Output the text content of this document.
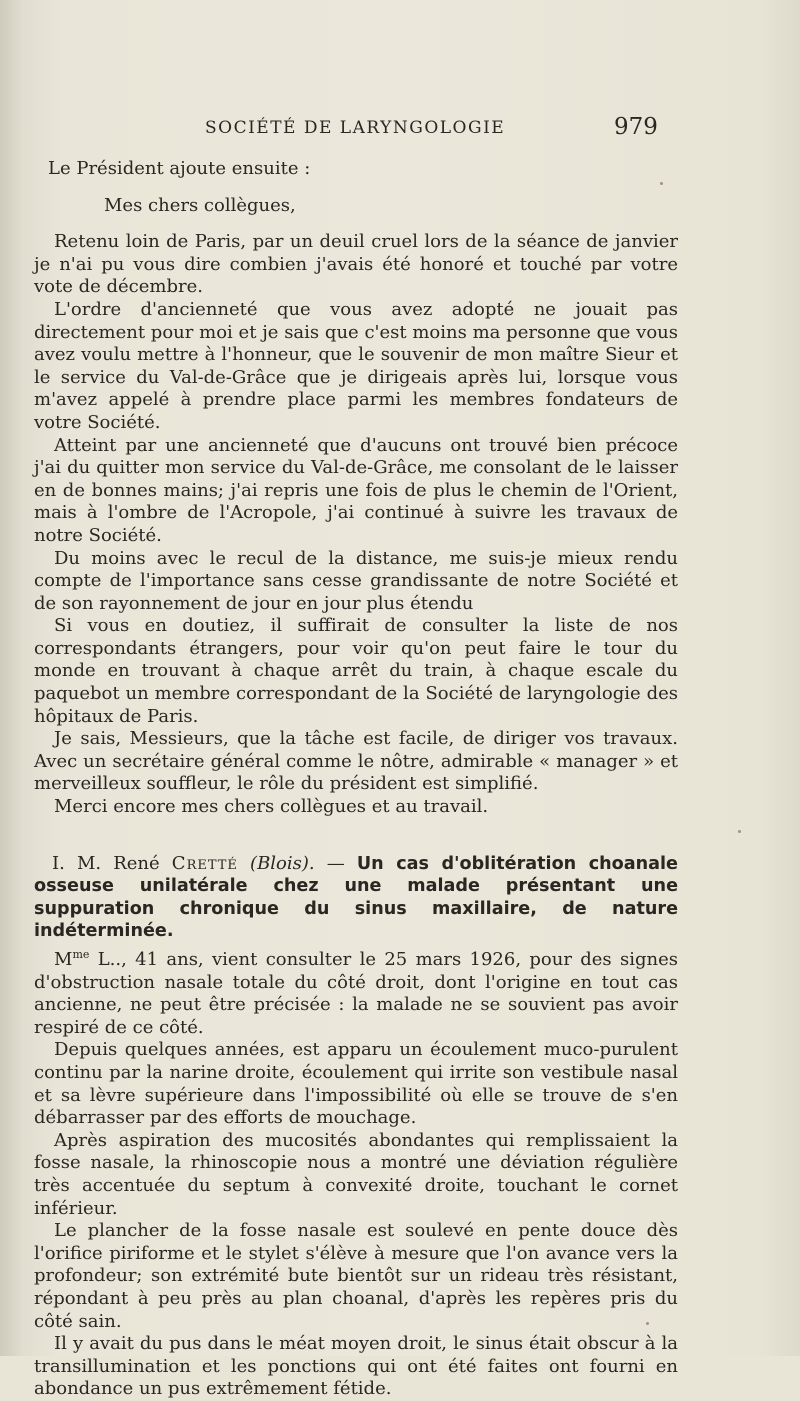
SOCIÉTÉ DE LARYNGOLOGIE	979

Le Président ajoute ensuite :

Mes chers collègues,

Retenu loin de Paris, par un deuil cruel lors de la séance de janvier je n'ai pu vous dire combien j'avais été honoré et touché par votre vote de décembre.

L'ordre d'ancienneté que vous avez adopté ne jouait pas directement pour moi et je sais que c'est moins ma personne que vous avez voulu mettre à l'honneur, que le souvenir de mon maître Sieur et le service du Val-de-Grâce que je dirigeais après lui, lorsque vous m'avez appelé à prendre place parmi les membres fondateurs de votre Société.

Atteint par une ancienneté que d'aucuns ont trouvé bien précoce j'ai du quitter mon service du Val-de-Grâce, me consolant de le laisser en de bonnes mains; j'ai repris une fois de plus le chemin de l'Orient, mais à l'ombre de l'Acropole, j'ai continué à suivre les travaux de notre Société.

Du moins avec le recul de la distance, me suis-je mieux rendu compte de l'importance sans cesse grandissante de notre Société et de son rayonnement de jour en jour plus étendu

Si vous en doutiez, il suffirait de consulter la liste de nos correspondants étrangers, pour voir qu'on peut faire le tour du monde en trouvant à chaque arrêt du train, à chaque escale du paquebot un membre correspondant de la Société de laryngologie des hôpitaux de Paris.

Je sais, Messieurs, que la tâche est facile, de diriger vos travaux. Avec un secrétaire général comme le nôtre, admirable « manager » et merveilleux souffleur, le rôle du président est simplifié.

Merci encore mes chers collègues et au travail.

I. M. René Cretté (Blois). — Un cas d'oblitération choanale osseuse unilatérale chez une malade présentant une suppuration chronique du sinus maxillaire, de nature indéterminée.

$M^{me}$ L.., 41 ans, vient consulter le 25 mars 1926, pour des signes d'obstruction nasale totale du côté droit, dont l'origine en tout cas ancienne, ne peut être précisée : la malade ne se souvient pas avoir respiré de ce côté.

Depuis quelques années, est apparu un écoulement muco-purulent continu par la narine droite, écoulement qui irrite son vestibule nasal et sa lèvre supérieure dans l'impossibilité où elle se trouve de s'en débarrasser par des efforts de mouchage.

Après aspiration des mucosités abondantes qui remplissaient la fosse nasale, la rhinoscopie nous a montré une déviation régulière très accentuée du septum à convexité droite, touchant le cornet inférieur.

Le plancher de la fosse nasale est soulevé en pente douce dès l'orifice piriforme et le stylet s'élève à mesure que l'on avance vers la profondeur; son extrémité bute bientôt sur un rideau très résistant, répondant à peu près au plan choanal, d'après les repères pris du côté sain.

Il y avait du pus dans le méat moyen droit, le sinus était obscur à la transillumination et les ponctions qui ont été faites ont fourni en abondance un pus extrêmement fétide.
